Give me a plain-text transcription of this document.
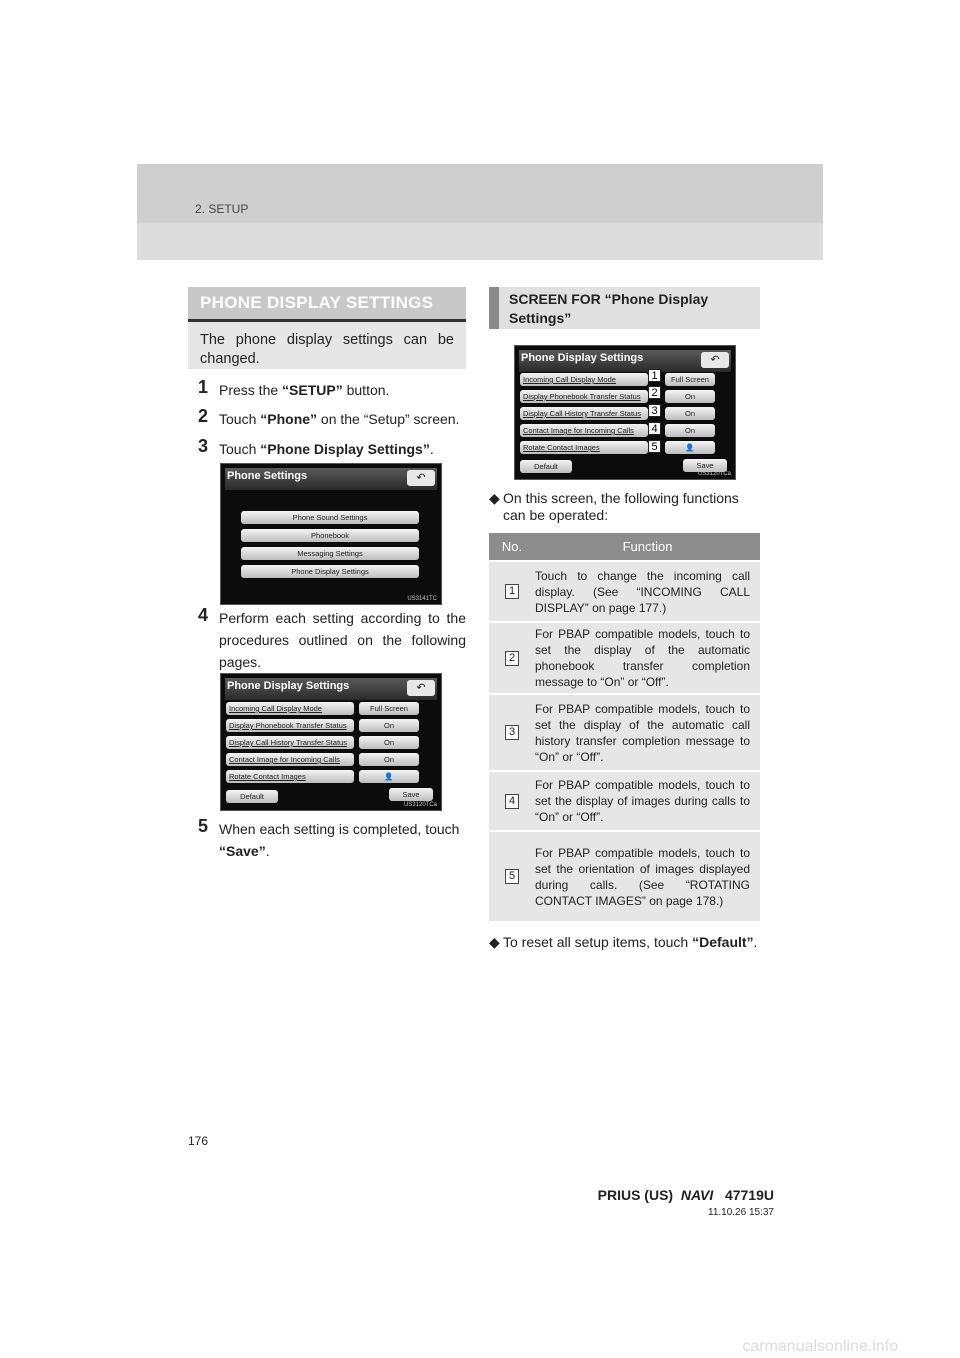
2. SETUP
PHONE DISPLAY SETTINGS
The phone display settings can be changed.
1 Press the “SETUP” button.
2 Touch “Phone” on the “Setup” screen.
3 Touch “Phone Display Settings”.
Phone Settings	↶
Phone Sound Settings
Phonebook
Messaging Settings
Phone Display Settings
US3141TC
4 Perform each setting according to the procedures outlined on the following pages.
Phone Display Settings	↶
Incoming Call Display Mode	Full Screen
Display Phonebook Transfer Status	On
Display Call History Transfer Status	On
Contact Image for Incoming Calls	On
Rotate Contact Images	👤
Default	Save
US3120TCa
5 When each setting is completed, touch “Save”.
SCREEN FOR “Phone Display Settings”
Phone Display Settings	↶
Incoming Call Display Mode	Full Screen
Display Phonebook Transfer Status	On
Display Call History Transfer Status	On
Contact Image for Incoming Calls	On
Rotate Contact Images	👤
Default	Save
1
2
3
4
5
US3120TCa
◆ On this screen, the following functions can be operated:
No.	Function
1
Touch to change the incoming call display. (See “INCOMING CALL DISPLAY” on page 177.)
2
For PBAP compatible models, touch to set the display of the automatic phonebook transfer completion message to “On” or “Off”.
3
For PBAP compatible models, touch to set the display of the automatic call history transfer completion message to “On” or “Off”.
4
For PBAP compatible models, touch to set the display of images during calls to “On” or “Off”.
5
For PBAP compatible models, touch to set the orientation of images displayed during calls. (See “ROTATING CONTACT IMAGES” on page 178.)
◆ To reset all setup items, touch “Default”.
176
PRIUS (US) NAVI 47719U
11.10.26 15:37
carmanualsonline.info
